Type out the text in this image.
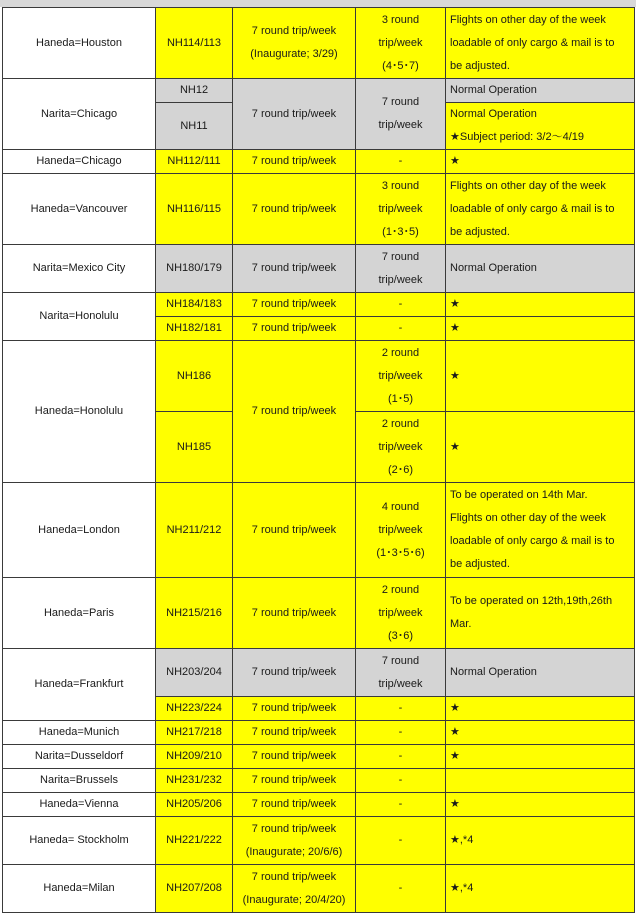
Haneda=Houston	NH114/113	7 round trip/week
(Inaugurate; 3/29)	3 round
trip/week
(4･5･7)	Flights on other day of the week
loadable of only cargo & mail is to
be adjusted.

Narita=Chicago	NH12	7 round trip/week	7 round
trip/week	Normal Operation
	NH11			Normal Operation
★Subject period: 3/2～4/19

Haneda=Chicago	NH112/111	7 round trip/week	-	★
Haneda=Vancouver	NH116/115	7 round trip/week	3 round
trip/week
(1･3･5)	Flights on other day of the week
loadable of only cargo & mail is to
be adjusted.

Narita=Mexico City	NH180/179	7 round trip/week	7 round
trip/week	Normal Operation
Narita=Honolulu	NH184/183	7 round trip/week	-	★
	NH182/181	7 round trip/week	-	★
Haneda=Honolulu	NH186	7 round trip/week	2 round
trip/week
(1･5)	★
	NH185		2 round
trip/week
(2･6)	★
Haneda=London	NH211/212	7 round trip/week	4 round
trip/week
(1･3･5･6)	To be operated on 14th Mar.
Flights on other day of the week
loadable of only cargo & mail is to
be adjusted.

Haneda=Paris	NH215/216	7 round trip/week	2 round
trip/week
(3･6)	To be operated on 12th,19th,26th
Mar.

Haneda=Frankfurt	NH203/204	7 round trip/week	7 round
trip/week	Normal Operation
	NH223/224	7 round trip/week	-	★
Haneda=Munich	NH217/218	7 round trip/week	-	★
Narita=Dusseldorf	NH209/210	7 round trip/week	-	★
Narita=Brussels	NH231/232	7 round trip/week	-	
Haneda=Vienna	NH205/206	7 round trip/week	-	★
Haneda= Stockholm	NH221/222	7 round trip/week
(Inaugurate; 20/6/6)	-	★,*4
Haneda=Milan	NH207/208	7 round trip/week
(Inaugurate; 20/4/20)	-	★,*4
